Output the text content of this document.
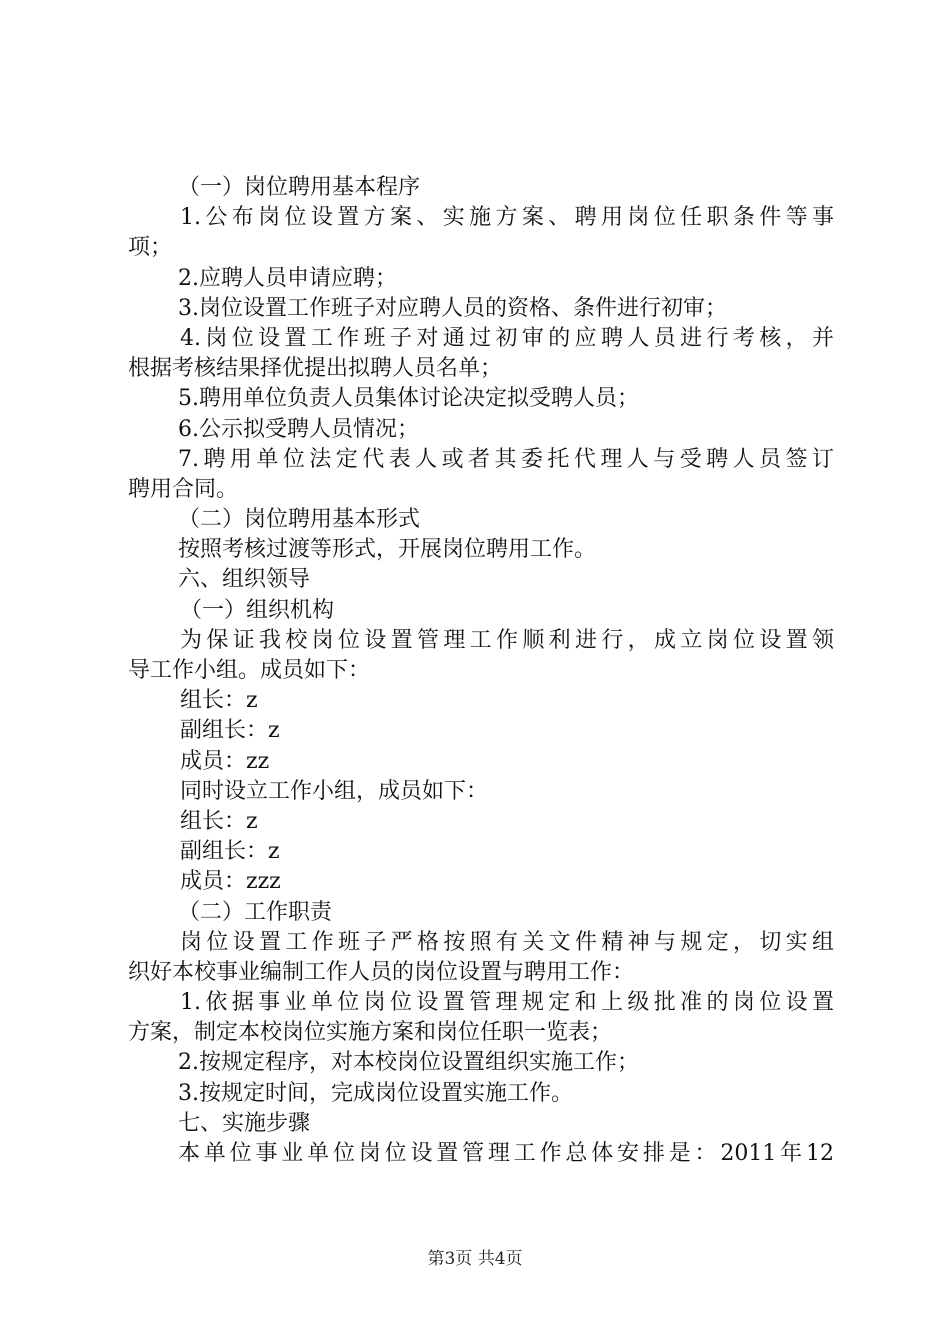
（一）岗位聘用基本程序
1.公布岗位设置方案、实施方案、聘用岗位任职条件等事
项；
2.应聘人员申请应聘；
3.岗位设置工作班子对应聘人员的资格、条件进行初审；
4.岗位设置工作班子对通过初审的应聘人员进行考核，并
根据考核结果择优提出拟聘人员名单；
5.聘用单位负责人员集体讨论决定拟受聘人员；
6.公示拟受聘人员情况；
7.聘用单位法定代表人或者其委托代理人与受聘人员签订
聘用合同。
（二）岗位聘用基本形式
按照考核过渡等形式，开展岗位聘用工作。
六、组织领导
（一）组织机构
为保证我校岗位设置管理工作顺利进行，成立岗位设置领
导工作小组。成员如下：
组长：z
副组长：z
成员：zz
同时设立工作小组，成员如下：
组长：z
副组长：z
成员：zzz
（二）工作职责
岗位设置工作班子严格按照有关文件精神与规定，切实组
织好本校事业编制工作人员的岗位设置与聘用工作：
1.依据事业单位岗位设置管理规定和上级批准的岗位设置
方案，制定本校岗位实施方案和岗位任职一览表；
2.按规定程序，对本校岗位设置组织实施工作；
3.按规定时间，完成岗位设置实施工作。
七、实施步骤
本单位事业单位岗位设置管理工作总体安排是：2011年12
第3页 共4页
